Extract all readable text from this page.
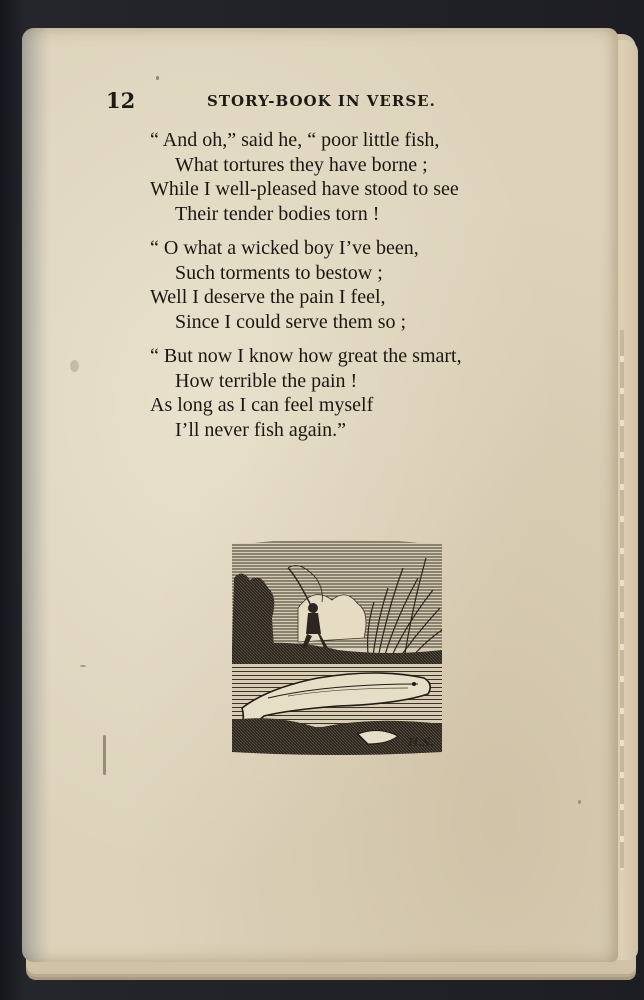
12	STORY-BOOK IN VERSE.
“ And oh,” said he, “ poor little fish,
What tortures they have borne ;
While I well-pleased have stood to see
Their tender bodies torn !
“ O what a wicked boy I’ve been,
Such torments to bestow ;
Well I deserve the pain I feel,
Since I could serve them so ;
“ But now I know how great the smart,
How terrible the pain !
As long as I can feel myself
I’ll never fish again.”
H.S.
